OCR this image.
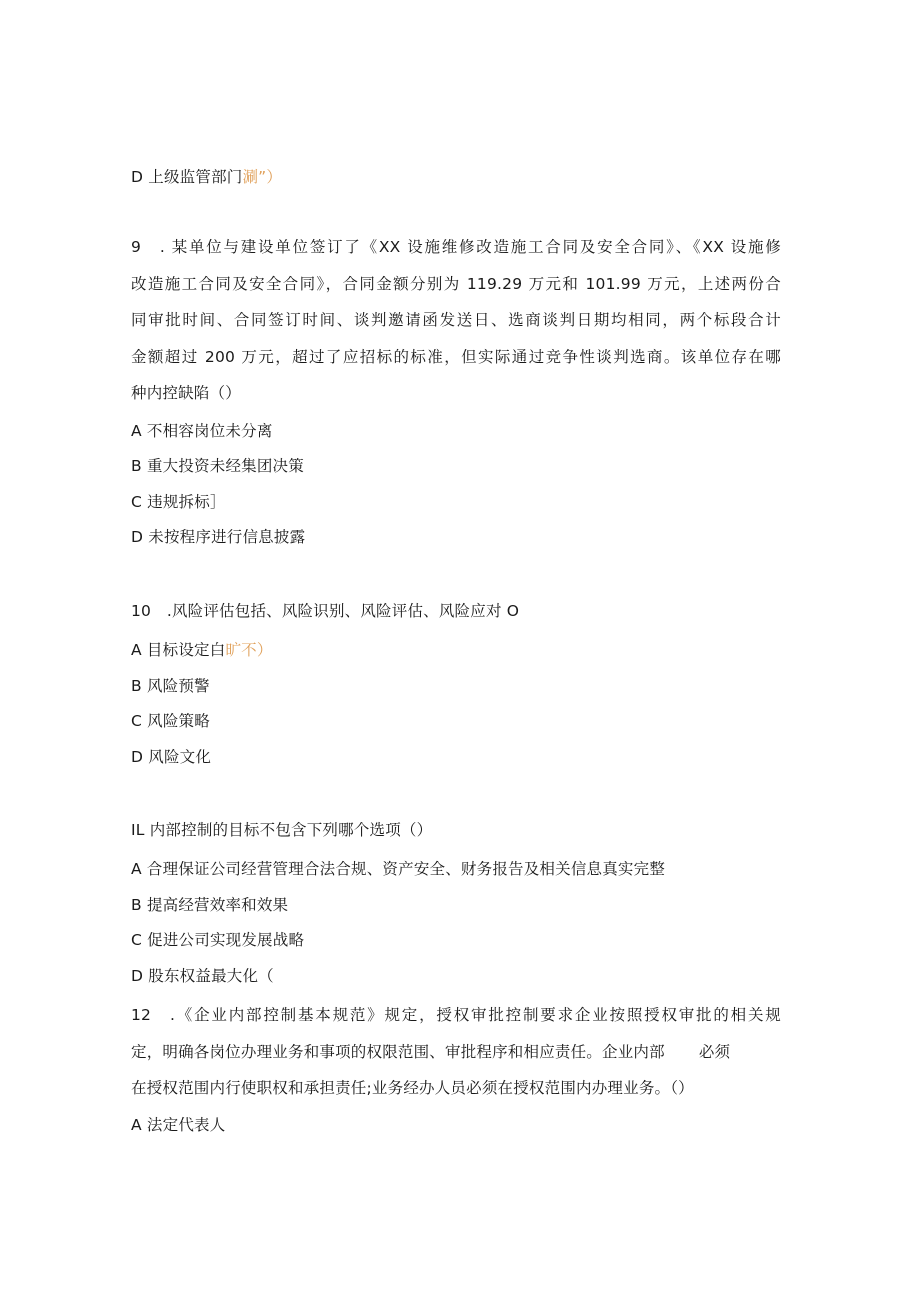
D 上级监管部门涮”）
9　. 某单位与建设单位签订了《XX 设施维修改造施工合同及安全合同》、《XX 设施修
改造施工合同及安全合同》，合同金额分别为 119.29 万元和 101.99 万元，上述两份合
同审批时间、合同签订时间、谈判邀请函发送日、选商谈判日期均相同，两个标段合计
金额超过 200 万元，超过了应招标的标准，但实际通过竞争性谈判选商。该单位存在哪
种内控缺陷（）
A 不相容岗位未分离
B 重大投资未经集团决策
C 违规拆标］
D 未按程序进行信息披露
10　.风险评估包括、风险识别、风险评估、风险应对 O
A 目标设定白旷不）
B 风险预警
C 风险策略
D 风险文化
IL 内部控制的目标不包含下列哪个选项（）
A 合理保证公司经营管理合法合规、资产安全、财务报告及相关信息真实完整
B 提高经营效率和效果
C 促进公司实现发展战略
D 股东权益最大化（
12　.《企业内部控制基本规范》规定，授权审批控制要求企业按照授权审批的相关规
定，明确各岗位办理业务和事项的权限范围、审批程序和相应责任。企业内部 必须
在授权范围内行使职权和承担责任;业务经办人员必须在授权范围内办理业务。（）
A 法定代表人
